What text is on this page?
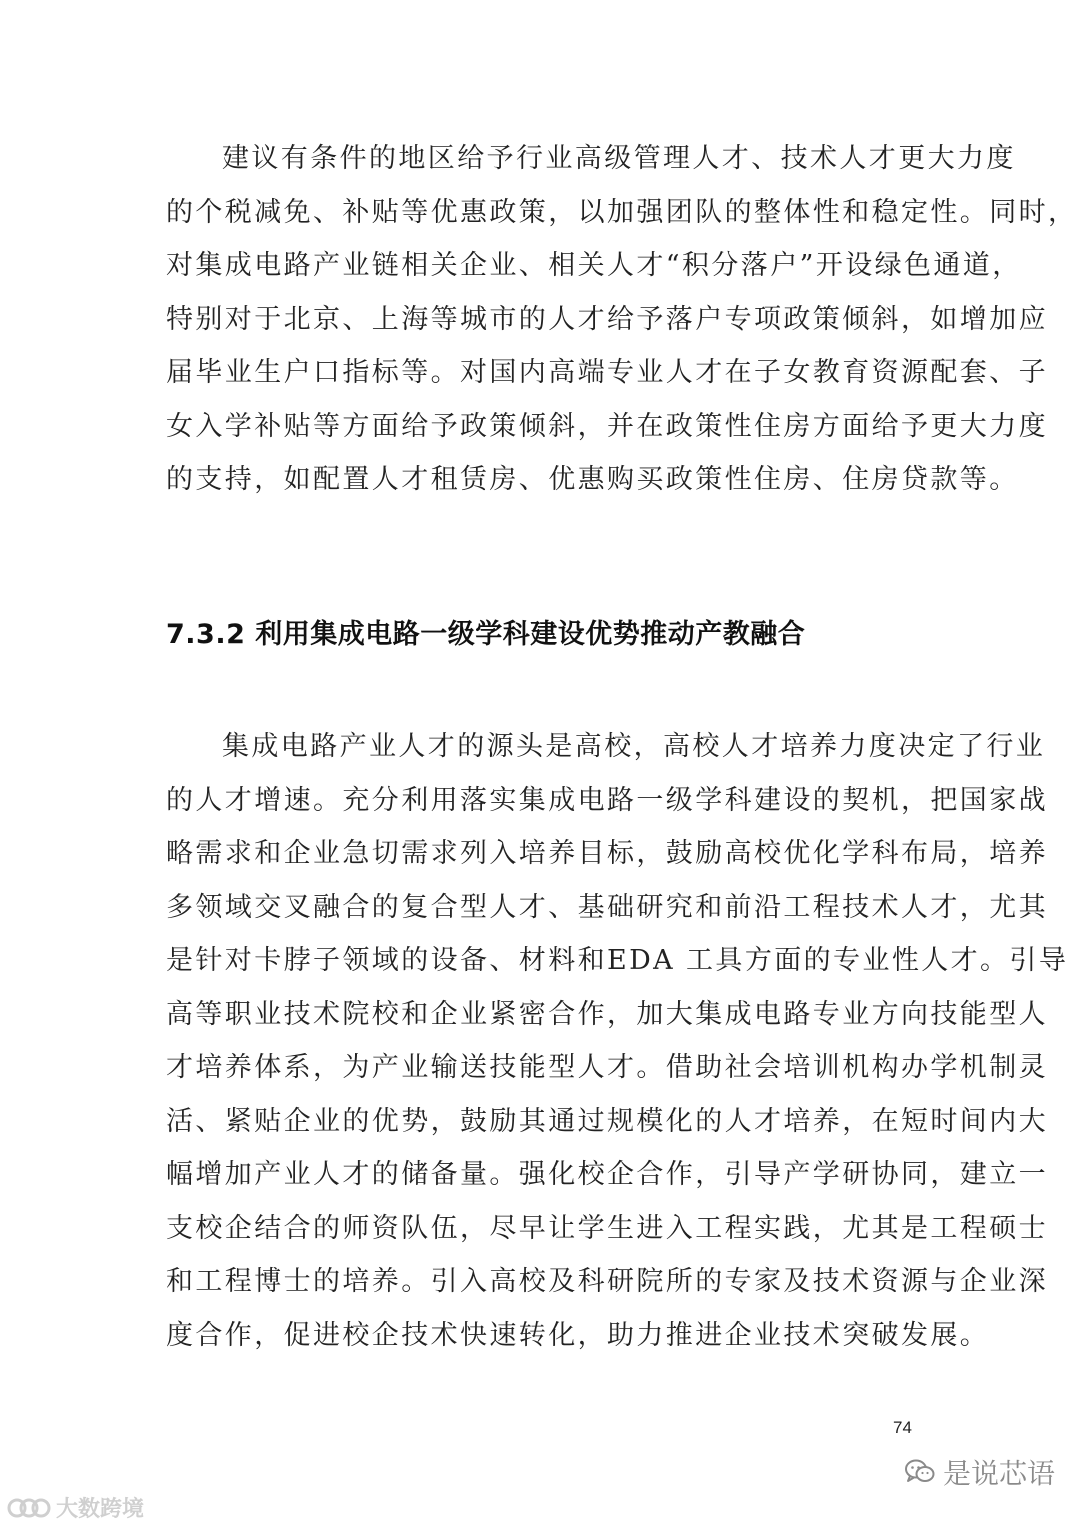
建议有条件的地区给予行业高级管理人才、技术人才更大力度
的个税减免、补贴等优惠政策，以加强团队的整体性和稳定性。同时，
对集成电路产业链相关企业、相关人才“积分落户”开设绿色通道，
特别对于北京、上海等城市的人才给予落户专项政策倾斜，如增加应
届毕业生户口指标等。对国内高端专业人才在子女教育资源配套、子
女入学补贴等方面给予政策倾斜，并在政策性住房方面给予更大力度
的支持，如配置人才租赁房、优惠购买政策性住房、住房贷款等。
7.3.2 利用集成电路一级学科建设优势推动产教融合
集成电路产业人才的源头是高校，高校人才培养力度决定了行业
的人才增速。充分利用落实集成电路一级学科建设的契机，把国家战
略需求和企业急切需求列入培养目标，鼓励高校优化学科布局，培养
多领域交叉融合的复合型人才、基础研究和前沿工程技术人才，尤其
是针对卡脖子领域的设备、材料和EDA 工具方面的专业性人才。引导
高等职业技术院校和企业紧密合作，加大集成电路专业方向技能型人
才培养体系，为产业输送技能型人才。借助社会培训机构办学机制灵
活、紧贴企业的优势，鼓励其通过规模化的人才培养，在短时间内大
幅增加产业人才的储备量。强化校企合作，引导产学研协同，建立一
支校企结合的师资队伍，尽早让学生进入工程实践，尤其是工程硕士
和工程博士的培养。引入高校及科研院所的专家及技术资源与企业深
度合作，促进校企技术快速转化，助力推进企业技术突破发展。
74
是说芯语
大数跨境
